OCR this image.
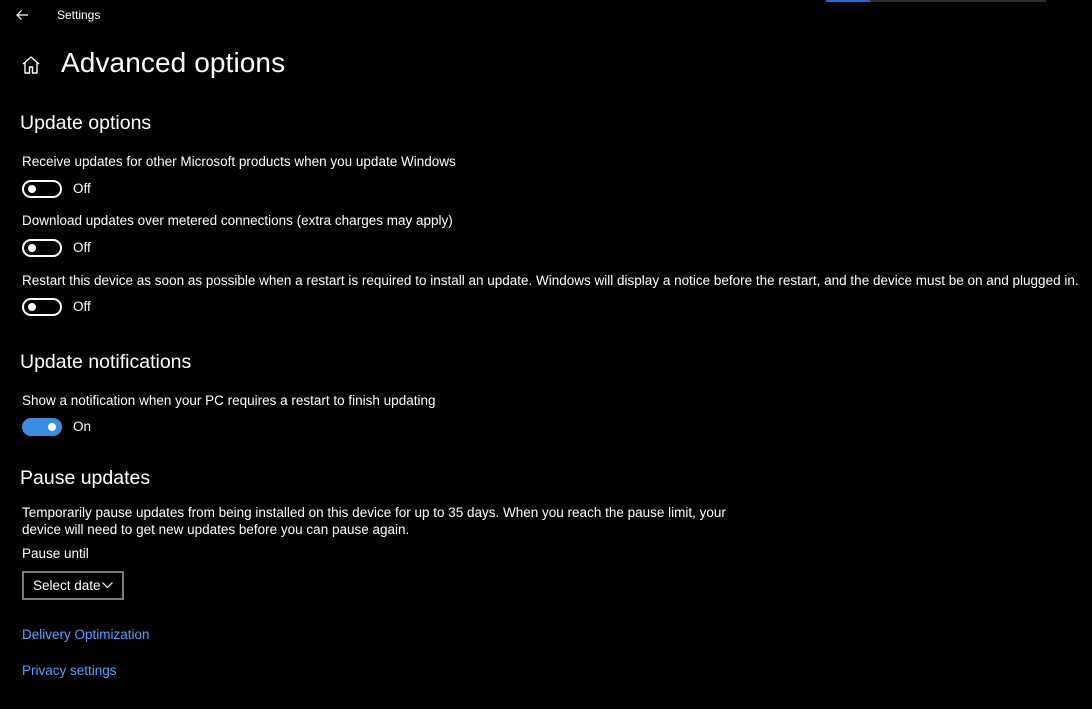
Settings
Advanced options
Update options
Receive updates for other Microsoft products when you update Windows
Off
Download updates over metered connections (extra charges may apply)
Off
Restart this device as soon as possible when a restart is required to install an update. Windows will display a notice before the restart, and the device must be on and plugged in.
Off
Update notifications
Show a notification when your PC requires a restart to finish updating
On
Pause updates
Temporarily pause updates from being installed on this device for up to 35 days. When you reach the pause limit, your device will need to get new updates before you can pause again.
Pause until
Select date
Delivery Optimization
Privacy settings
